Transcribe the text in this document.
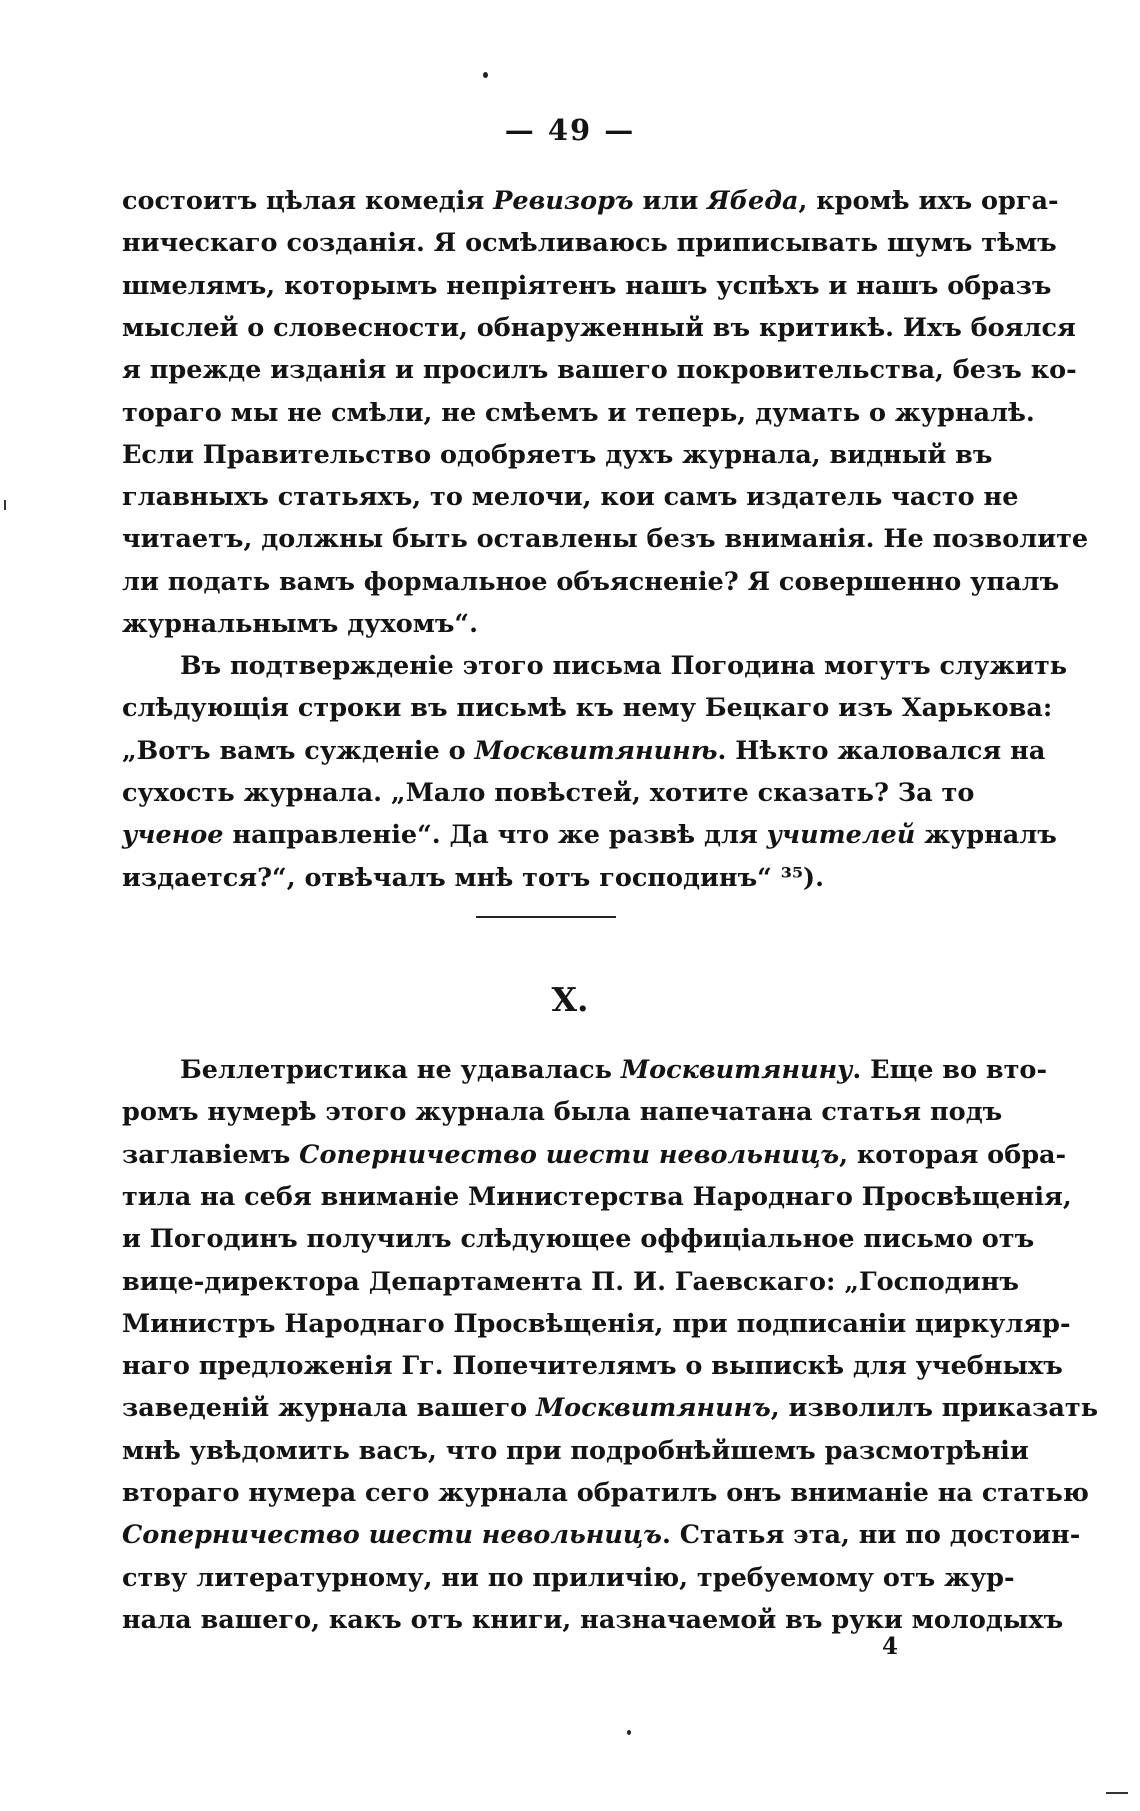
— 49 —
состоитъ цѣлая комедія Ревизоръ или Ябеда, кромѣ ихъ орга-
ническаго созданія. Я осмѣливаюсь приписывать шумъ тѣмъ
шмелямъ, которымъ непріятенъ нашъ успѣхъ и нашъ образъ
мыслей о словесности, обнаруженный въ критикѣ. Ихъ боялся
я прежде изданія и просилъ вашего покровительства, безъ ко-
тораго мы не смѣли, не смѣемъ и теперь, думать о журналѣ.
Если Правительство одобряетъ духъ журнала, видный въ
главныхъ статьяхъ, то мелочи, кои самъ издатель часто не
читаетъ, должны быть оставлены безъ вниманія. Не позволите
ли подать вамъ формальное объясненіе? Я совершенно упалъ
журнальнымъ духомъ“.
Въ подтвержденіе этого письма Погодина могутъ служить
слѣдующія строки въ письмѣ къ нему Бецкаго изъ Харькова:
„Вотъ вамъ сужденіе о Москвитянинѣ. Нѣкто жаловался на
сухость журнала. „Мало повѣстей, хотите сказать? За то
ученое направленіе“. Да что же развѣ для учителей журналъ
издается?“, отвѣчалъ мнѣ тотъ господинъ“ ³⁵).
X.
Беллетристика не удавалась Москвитянину. Еще во вто-
ромъ нумерѣ этого журнала была напечатана статья подъ
заглавіемъ Соперничество шести невольницъ, которая обра-
тила на себя вниманіе Министерства Народнаго Просвѣщенія,
и Погодинъ получилъ слѣдующее оффиціальное письмо отъ
вице-директора Департамента П. И. Гаевскаго: „Господинъ
Министръ Народнаго Просвѣщенія, при подписаніи циркуляр-
наго предложенія Гг. Попечителямъ о выпискѣ для учебныхъ
заведеній журнала вашего Москвитянинъ, изволилъ приказать
мнѣ увѣдомить васъ, что при подробнѣйшемъ разсмотрѣніи
втораго нумера сего журнала обратилъ онъ вниманіе на статью
Соперничество шести невольницъ. Статья эта, ни по достоин-
ству литературному, ни по приличію, требуемому отъ жур-
нала вашего, какъ отъ книги, назначаемой въ руки молодыхъ
4
